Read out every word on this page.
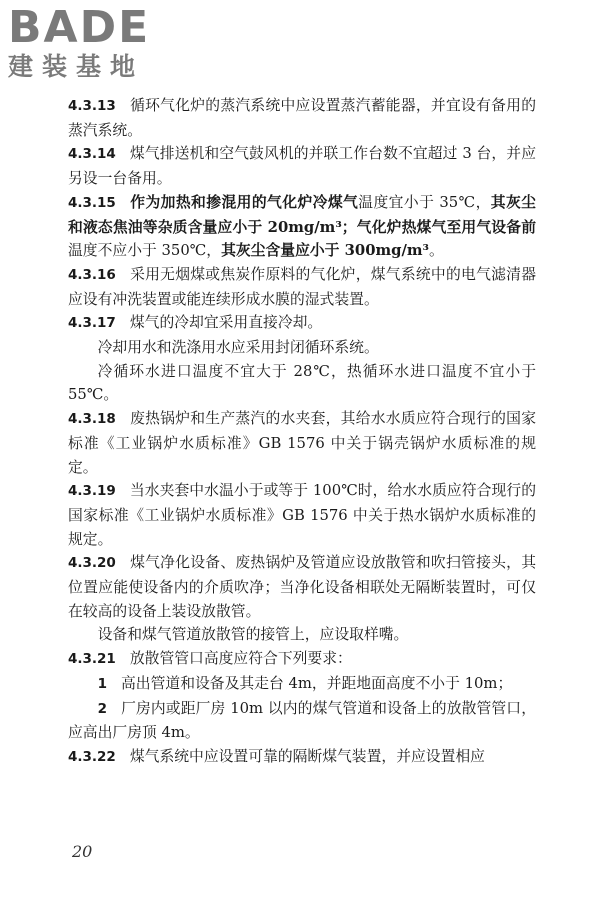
BADE
建装基地

4.3.13 循环气化炉的蒸汽系统中应设置蒸汽蓄能器，并宜设有备用的蒸汽系统。

4.3.14 煤气排送机和空气鼓风机的并联工作台数不宜超过 3 台，并应另设一台备用。

4.3.15 作为加热和掺混用的气化炉冷煤气温度宜小于 35℃，其灰尘和液态焦油等杂质含量应小于 20mg/m³；气化炉热煤气至用气设备前温度不应小于 350℃，其灰尘含量应小于 300mg/m³。

4.3.16 采用无烟煤或焦炭作原料的气化炉，煤气系统中的电气滤清器应设有冲洗装置或能连续形成水膜的湿式装置。

4.3.17 煤气的冷却宜采用直接冷却。

冷却用水和洗涤用水应采用封闭循环系统。

冷循环水进口温度不宜大于 28℃，热循环水进口温度不宜小于 55℃。

4.3.18 废热锅炉和生产蒸汽的水夹套，其给水水质应符合现行的国家标准《工业锅炉水质标准》GB 1576 中关于锅壳锅炉水质标准的规定。

4.3.19 当水夹套中水温小于或等于 100℃时，给水水质应符合现行的国家标准《工业锅炉水质标准》GB 1576 中关于热水锅炉水质标准的规定。

4.3.20 煤气净化设备、废热锅炉及管道应设放散管和吹扫管接头，其位置应能使设备内的介质吹净；当净化设备相联处无隔断装置时，可仅在较高的设备上装设放散管。

设备和煤气管道放散管的接管上，应设取样嘴。

4.3.21 放散管管口高度应符合下列要求：

1 高出管道和设备及其走台 4m，并距地面高度不小于 10m；

2 厂房内或距厂房 10m 以内的煤气管道和设备上的放散管管口，应高出厂房顶 4m。

4.3.22 煤气系统中应设置可靠的隔断煤气装置，并应设置相应

20
